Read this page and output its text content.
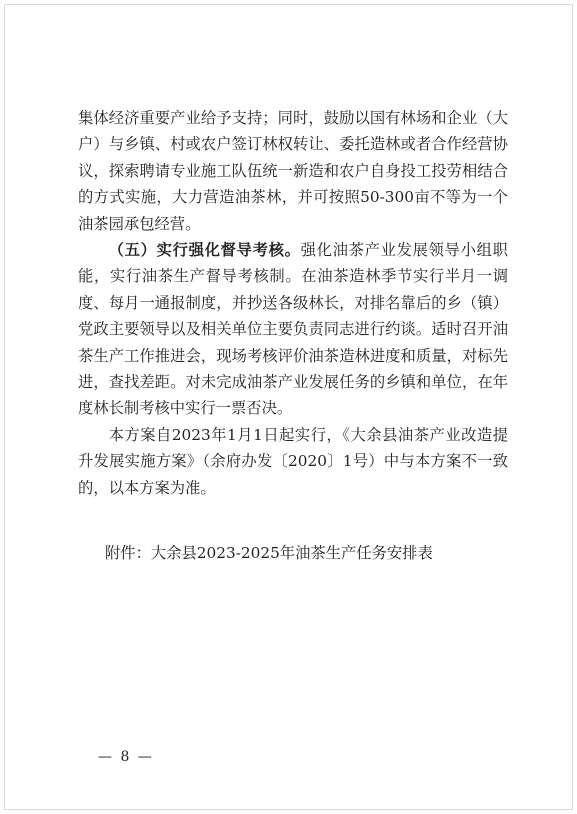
集体经济重要产业给予支持；同时，鼓励以国有林场和企业（大户）与乡镇、村或农户签订林权转让、委托造林或者合作经营协议，探索聘请专业施工队伍统一新造和农户自身投工投劳相结合的方式实施，大力营造油茶林，并可按照50-300亩不等为一个油茶园承包经营。

（五）实行强化督导考核。强化油茶产业发展领导小组职能，实行油茶生产督导考核制。在油茶造林季节实行半月一调度、每月一通报制度，并抄送各级林长，对排名靠后的乡（镇）党政主要领导以及相关单位主要负责同志进行约谈。适时召开油茶生产工作推进会，现场考核评价油茶造林进度和质量，对标先进，查找差距。对未完成油茶产业发展任务的乡镇和单位，在年度林长制考核中实行一票否决。

本方案自2023年1月1日起实行，《大余县油茶产业改造提升发展实施方案》（余府办发〔2020〕1号）中与本方案不一致的，以本方案为准。

附件：大余县2023-2025年油茶生产任务安排表
— 8 —
